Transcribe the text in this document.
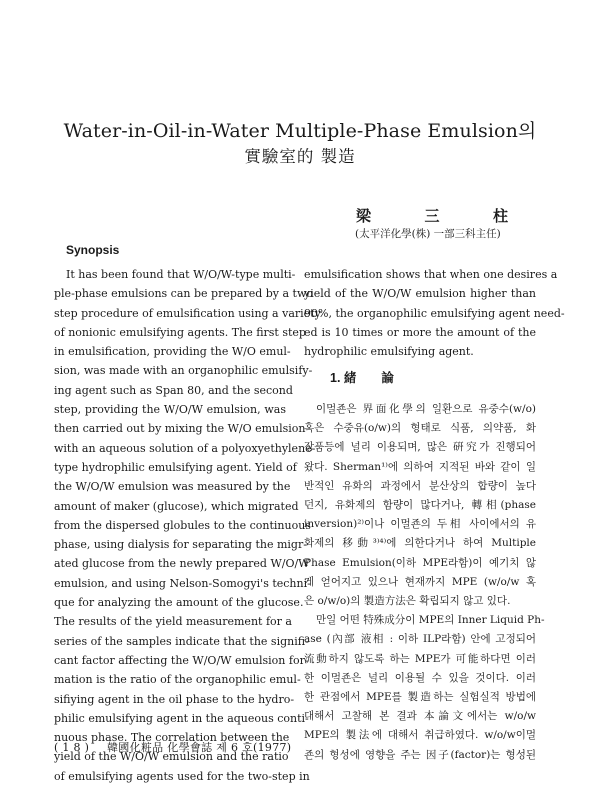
Water-in-Oil-in-Water Multiple-Phase Emulsion의
實驗室的 製造
梁	三	柱
(太平洋化學(株) 一部三科主任)
Synopsis
It has been found that W/O/W-type multi-
ple-phase emulsions can be prepared by a two
step procedure of emulsification using a variety
of nonionic emulsifying agents. The first step
in emulsification, providing the W/O emul-
sion, was made with an organophilic emulsify-
ing agent such as Span 80, and the second
step, providing the W/O/W emulsion, was
then carried out by mixing the W/O emulsion
with an aqueous solution of a polyoxyethylene-
type hydrophilic emulsifying agent. Yield of
the W/O/W emulsion was measured by the
amount of maker (glucose), which migrated
from the dispersed globules to the continuous
phase, using dialysis for separating the migr-
ated glucose from the newly prepared W/O/W
emulsion, and using Nelson-Somogyi's techni-
que for analyzing the amount of the glucose.
The results of the yield measurement for a
series of the samples indicate that the signifi-
cant factor affecting the W/O/W emulsion for-
mation is the ratio of the organophilic emul-
sifiying agent in the oil phase to the hydro-
philic emulsifying agent in the aqueous conti-
nuous phase. The correlation between the
yield of the W/O/W emulsion and the ratio
of emulsifying agents used for the two-step in
emulsification shows that when one desires a
yield of the W/O/W emulsion higher than
90%, the organophilic emulsifying agent need-
ed is 10 times or more the amount of the
hydrophilic emulsifying agent.
1. 緒　　論
이멀죤은 界面化學의 일환으로 유중수(w/o)
혹은 수중유(o/w)의 형태로 식품, 의약품, 화
장품등에 널리 이용되며, 많은 硏究가 진행되어
왔다. Sherman¹⁾에 의하여 지적된 바와 같이 일
반적인 유화의 과정에서 분산상의 합량이 높다
던지, 유화제의 함량이 많다거나, 轉相(phase
inversion)²⁾이나 이멀죤의 두相 사이에서의 유
화제의 移動³⁾⁴⁾에 의한다거나 하여 Multiple
Phase Emulsion(이하 MPE라함)이 예기치 않
게 얻어지고 있으나 현재까지 MPE (w/o/w 혹
은 o/w/o)의 製造方法은 확립되지 않고 있다.
만일 어떤 特殊成分이 MPE의 Inner Liquid Ph-
ase (內部 液相 : 이하 ILP라함) 안에 고정되어
流動하지 않도록 하는 MPE가 可能하다면 이러
한 이멀죤은 널리 이용될 수 있을 것이다. 이러
한 관점에서 MPE를 製造하는 실험실적 방법에
대해서 고찰해 본 결과 本論文에서는 w/o/w
MPE의 製法에 대해서 취급하였다. w/o/w이멀
죤의 형성에 영향을 주는 因子(factor)는 형성된
( 1 8 ) 韓國化粧品 化學會誌 제 6 호(1977)
